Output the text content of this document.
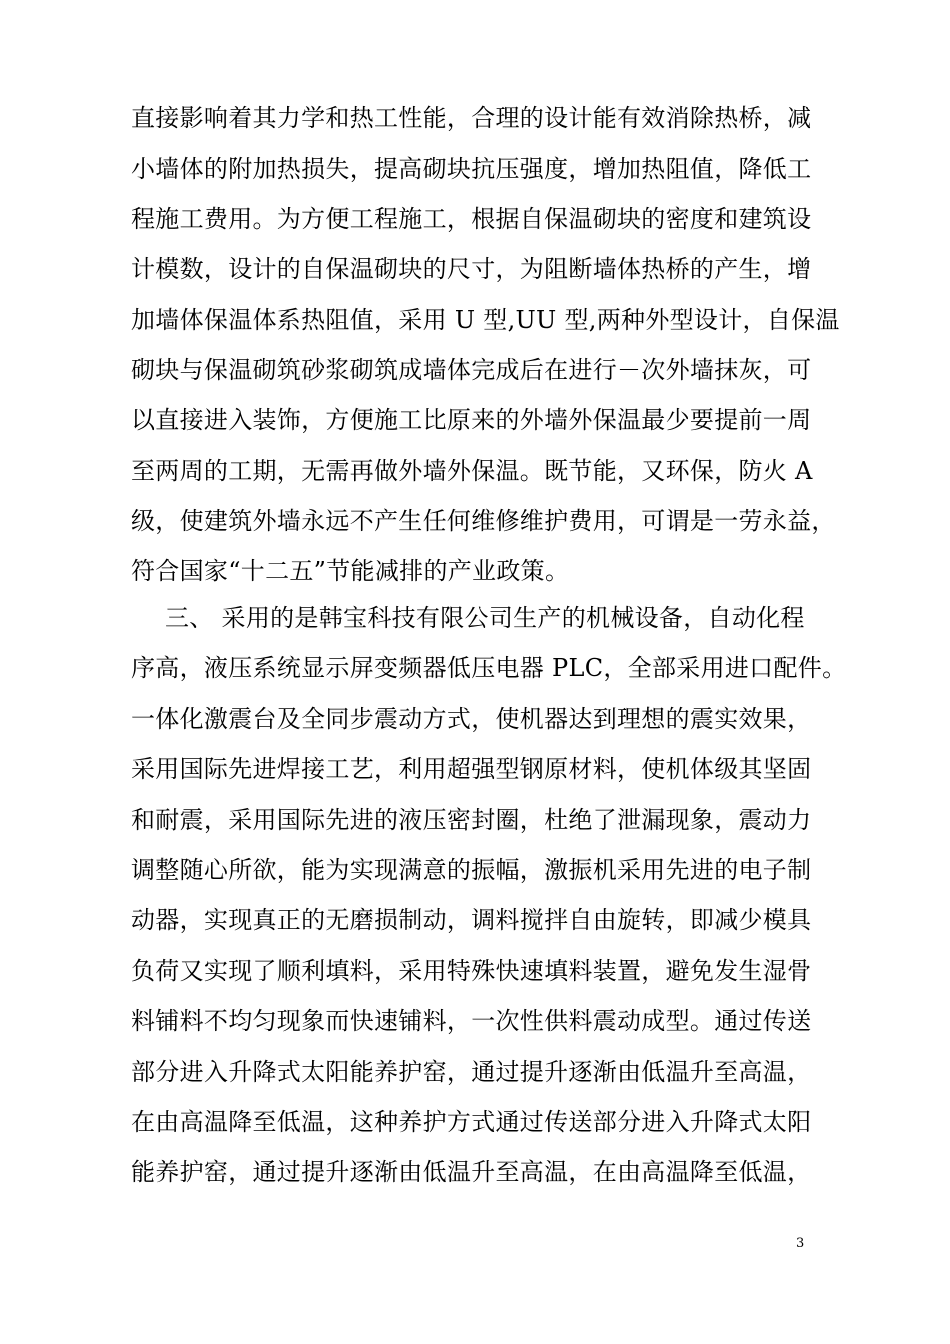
直接影响着其力学和热工性能，合理的设计能有效消除热桥，减
小墙体的附加热损失，提高砌块抗压强度，增加热阻值，降低工
程施工费用。为方便工程施工，根据自保温砌块的密度和建筑设
计模数，设计的自保温砌块的尺寸，为阻断墙体热桥的产生，增
加墙体保温体系热阻值，采用 U 型,UU 型,两种外型设计，自保温
砌块与保温砌筑砂浆砌筑成墙体完成后在进行－次外墙抹灰，可
以直接进入装饰，方便施工比原来的外墙外保温最少要提前一周
至两周的工期，无需再做外墙外保温。既节能，又环保，防火 A
级，使建筑外墙永远不产生任何维修维护费用，可谓是一劳永益，
符合国家“十二五”节能减排的产业政策。
三、 采用的是韩宝科技有限公司生产的机械设备，自动化程
序高，液压系统显示屏变频器低压电器 PLC，全部采用进口配件。
一体化激震台及全同步震动方式，使机器达到理想的震实效果，
采用国际先进焊接工艺，利用超强型钢原材料，使机体级其坚固
和耐震，采用国际先进的液压密封圈，杜绝了泄漏现象，震动力
调整随心所欲，能为实现满意的振幅，激振机采用先进的电子制
动器，实现真正的无磨损制动，调料搅拌自由旋转，即减少模具
负荷又实现了顺利填料，采用特殊快速填料装置，避免发生湿骨
料铺料不均匀现象而快速铺料，一次性供料震动成型。通过传送
部分进入升降式太阳能养护窑，通过提升逐渐由低温升至高温，
在由高温降至低温，这种养护方式通过传送部分进入升降式太阳
能养护窑，通过提升逐渐由低温升至高温，在由高温降至低温，
3
